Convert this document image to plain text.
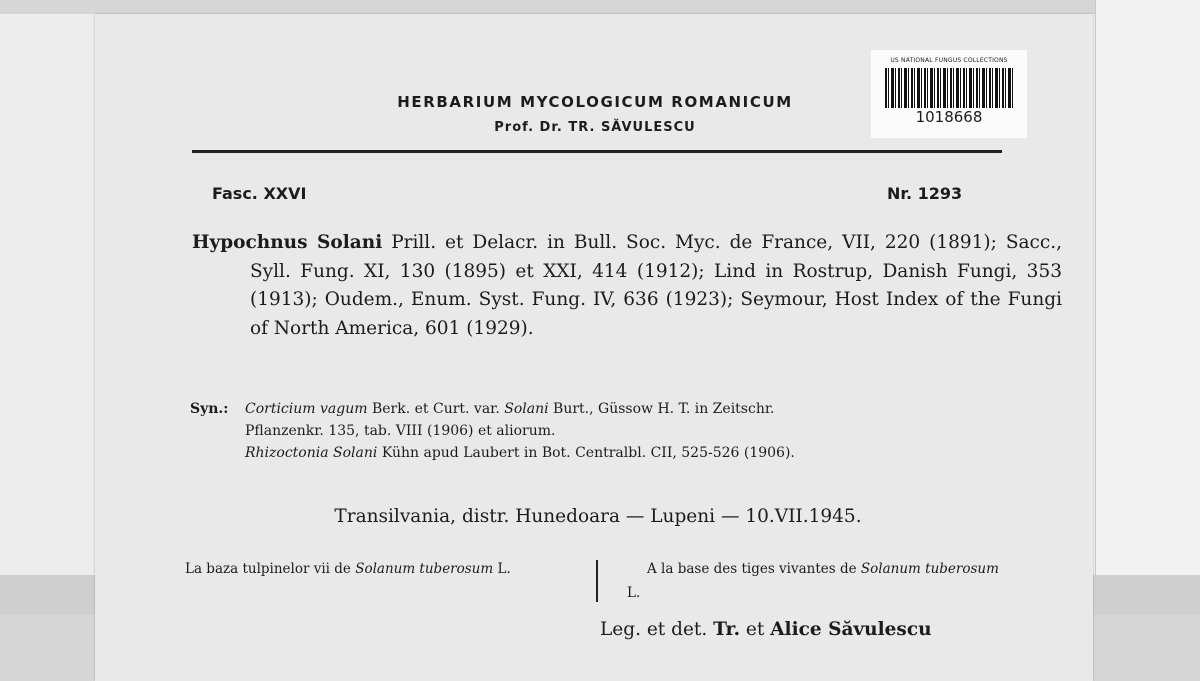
HERBARIUM MYCOLOGICUM ROMANICUM
Prof. Dr. TR. SĂVULESCU
US NATIONAL FUNGUS COLLECTIONS
1018668
Fasc. XXVI	Nr. 1293
Hypochnus Solani Prill. et Delacr. in Bull. Soc. Myc. de France, VII, 220 (1891); Sacc., Syll. Fung. XI, 130 (1895) et XXI, 414 (1912); Lind in Rostrup, Danish Fungi, 353 (1913); Oudem., Enum. Syst. Fung. IV, 636 (1923); Seymour, Host Index of the Fungi of North America, 601 (1929).
Syn.: Corticium vagum Berk. et Curt. var. Solani Burt., Güssow H. T. in Zeitschr.
Pflanzenkr. 135, tab. VIII (1906) et aliorum.
Rhizoctonia Solani Kühn apud Laubert in Bot. Centralbl. CII, 525-526 (1906).
Transilvania, distr. Hunedoara — Lupeni — 10.VII.1945.
La baza tulpinelor vii de Solanum tuberosum L.	A la base des tiges vivantes de Solanum tuberosum L.
Leg. et det. Tr. et Alice Săvulescu
